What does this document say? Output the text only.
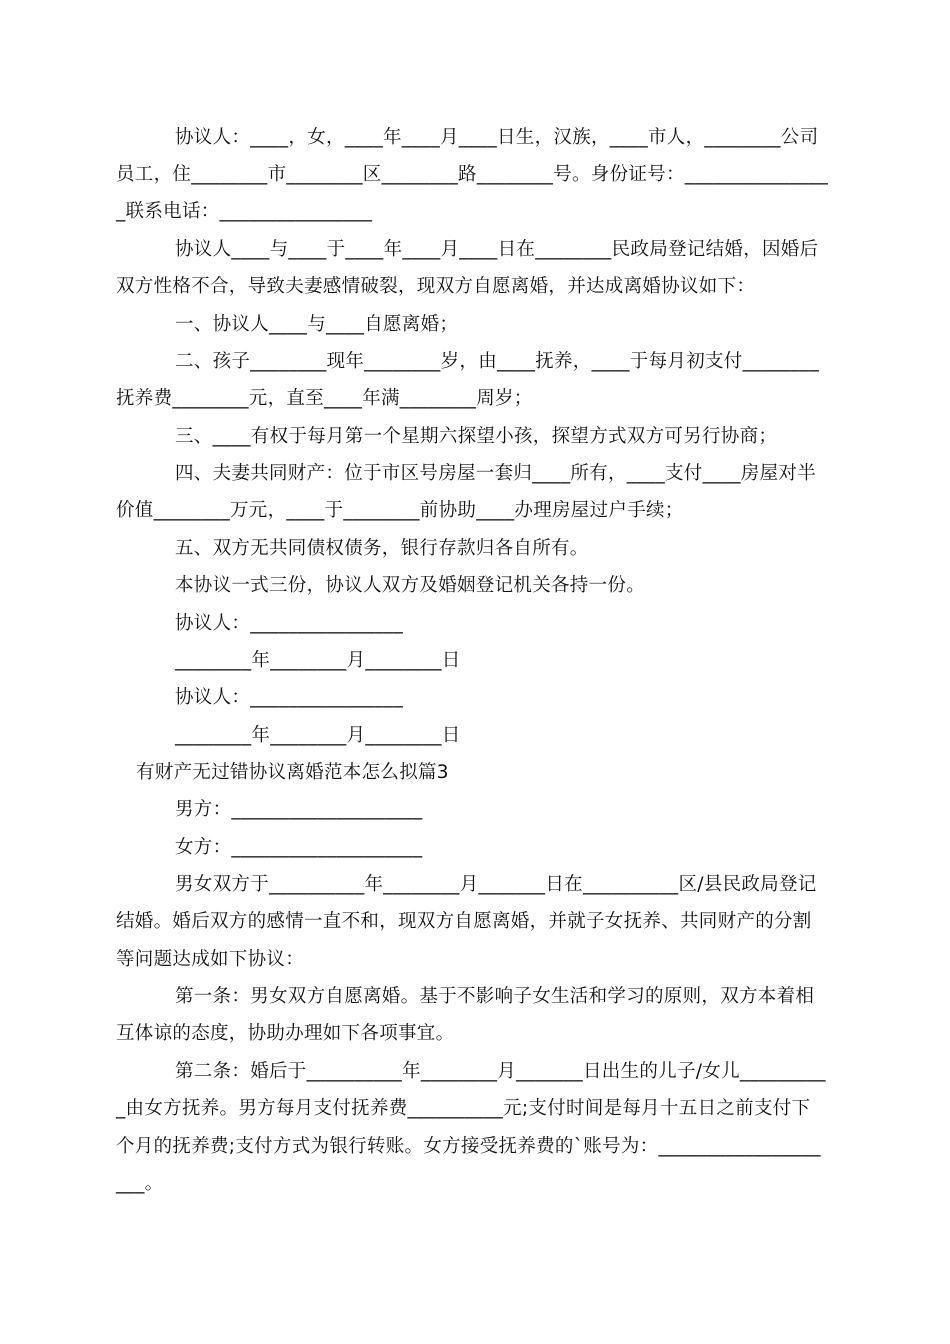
协议人：____，女，____年____月____日生，汉族，____市人，________公司
员工，住________市________区________路________号。身份证号：_______________
_联系电话：________________
协议人____与____于____年____月____日在________民政局登记结婚，因婚后
双方性格不合，导致夫妻感情破裂，现双方自愿离婚，并达成离婚协议如下：
一、协议人____与____自愿离婚；
二、孩子________现年________岁，由____抚养，____于每月初支付________
抚养费________元，直至____年满________周岁；
三、____有权于每月第一个星期六探望小孩，探望方式双方可另行协商；
四、夫妻共同财产：位于市区号房屋一套归____所有，____支付____房屋对半
价值________万元，____于________前协助____办理房屋过户手续；
五、双方无共同债权债务，银行存款归各自所有。
本协议一式三份，协议人双方及婚姻登记机关各持一份。
协议人：________________
________年________月________日
协议人：________________
________年________月________日
有财产无过错协议离婚范本怎么拟篇3
男方：____________________
女方：____________________
男女双方于__________年________月_______日在__________区/县民政局登记
结婚。婚后双方的感情一直不和，现双方自愿离婚，并就子女抚养、共同财产的分割
等问题达成如下协议：
第一条：男女双方自愿离婚。基于不影响子女生活和学习的原则，双方本着相
互体谅的态度，协助办理如下各项事宜。
第二条：婚后于__________年________月_______日出生的儿子/女儿_________
_由女方抚养。男方每月支付抚养费__________元;支付时间是每月十五日之前支付下
个月的抚养费;支付方式为银行转账。女方接受抚养费的`账号为：_________________
___。
